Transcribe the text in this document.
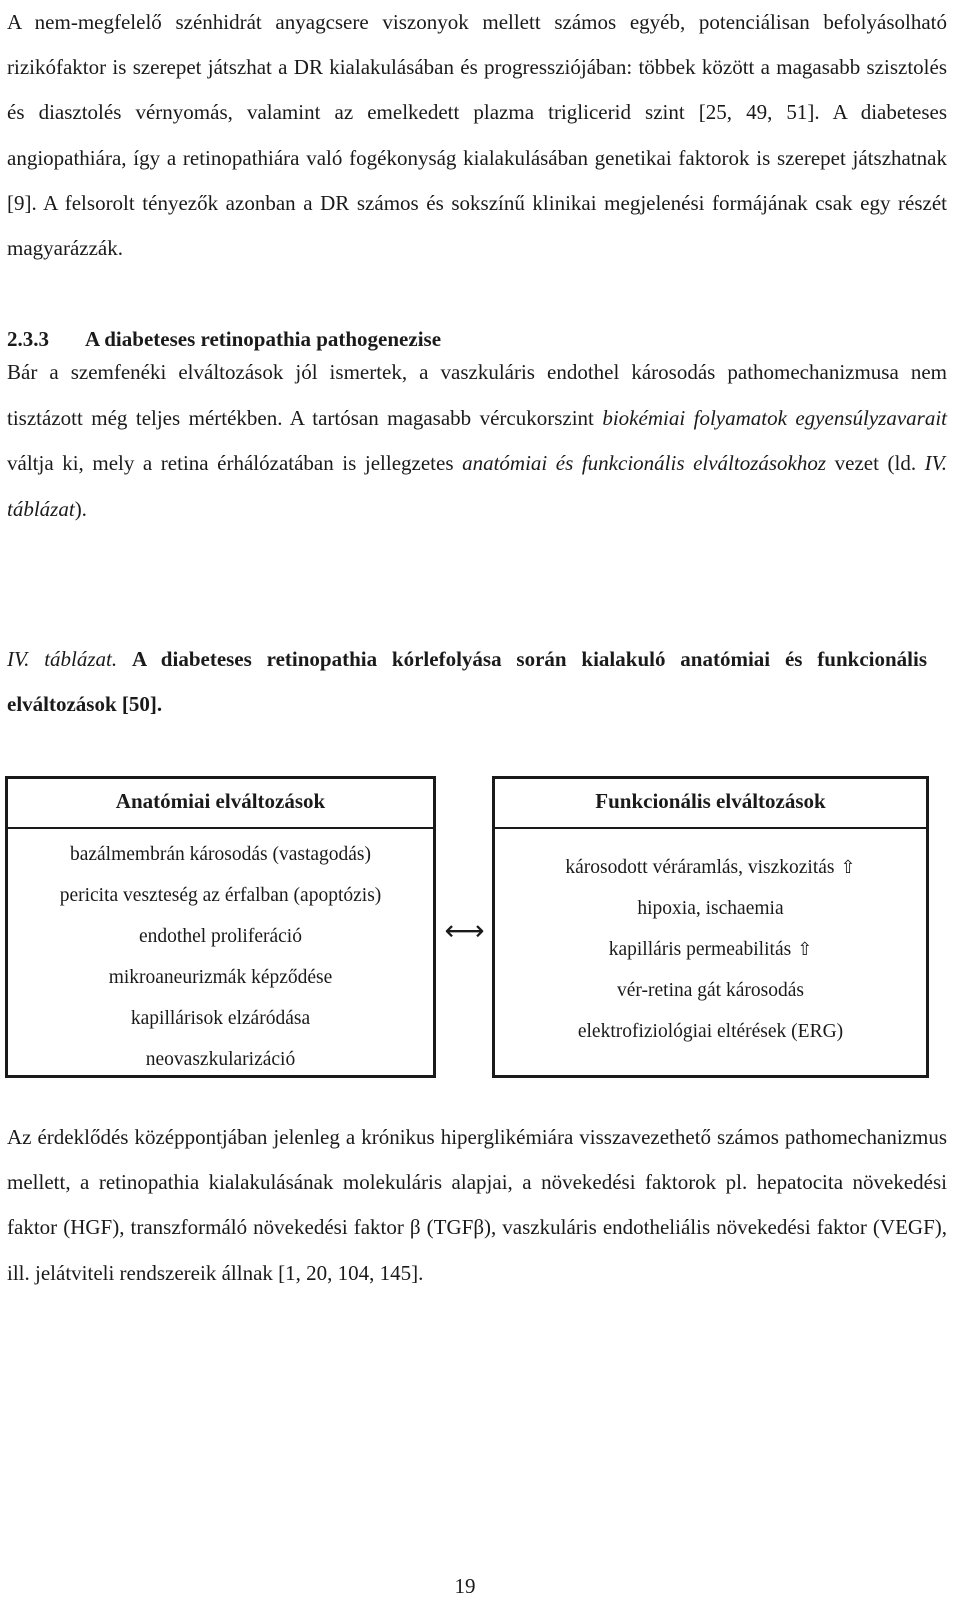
A nem-megfelelő szénhidrát anyagcsere viszonyok mellett számos egyéb, potenciálisan befolyásolható rizikófaktor is szerepet játszhat a DR kialakulásában és progressziójában: többek között a magasabb szisztolés és diasztolés vérnyomás, valamint az emelkedett plazma triglicerid szint [25, 49, 51]. A diabeteses angiopathiára, így a retinopathiára való fogékonyság kialakulásában genetikai faktorok is szerepet játszhatnak [9]. A felsorolt tényezők azonban a DR számos és sokszínű klinikai megjelenési formájának csak egy részét magyarázzák.

2.3.3 A diabeteses retinopathia pathogenezise

Bár a szemfenéki elváltozások jól ismertek, a vaszkuláris endothel károsodás pathomechanizmusa nem tisztázott még teljes mértékben. A tartósan magasabb vércukorszint biokémiai folyamatok egyensúlyzavarait váltja ki, mely a retina érhálózatában is jellegzetes anatómiai és funkcionális elváltozásokhoz vezet (ld. IV. táblázat).

IV. táblázat. A diabeteses retinopathia kórlefolyása során kialakuló anatómiai és funkcionális elváltozások [50].

Anatómiai elváltozások
bazálmembrán károsodás (vastagodás)
pericita veszteség az érfalban (apoptózis)
endothel proliferáció
mikroaneurizmák képződése
kapillárisok elzáródása
neovaszkularizáció
⟷
Funkcionális elváltozások
károsodott véráramlás, viszkozitás ⇧
hipoxia, ischaemia
kapilláris permeabilitás ⇧
vér-retina gát károsodás
elektrofiziológiai eltérések (ERG)

Az érdeklődés középpontjában jelenleg a krónikus hiperglikémiára visszavezethető számos pathomechanizmus mellett, a retinopathia kialakulásának molekuláris alapjai, a növekedési faktorok pl. hepatocita növekedési faktor (HGF), transzformáló növekedési faktor β (TGFβ), vaszkuláris endotheliális növekedési faktor (VEGF), ill. jelátviteli rendszereik állnak [1, 20, 104, 145].

19
